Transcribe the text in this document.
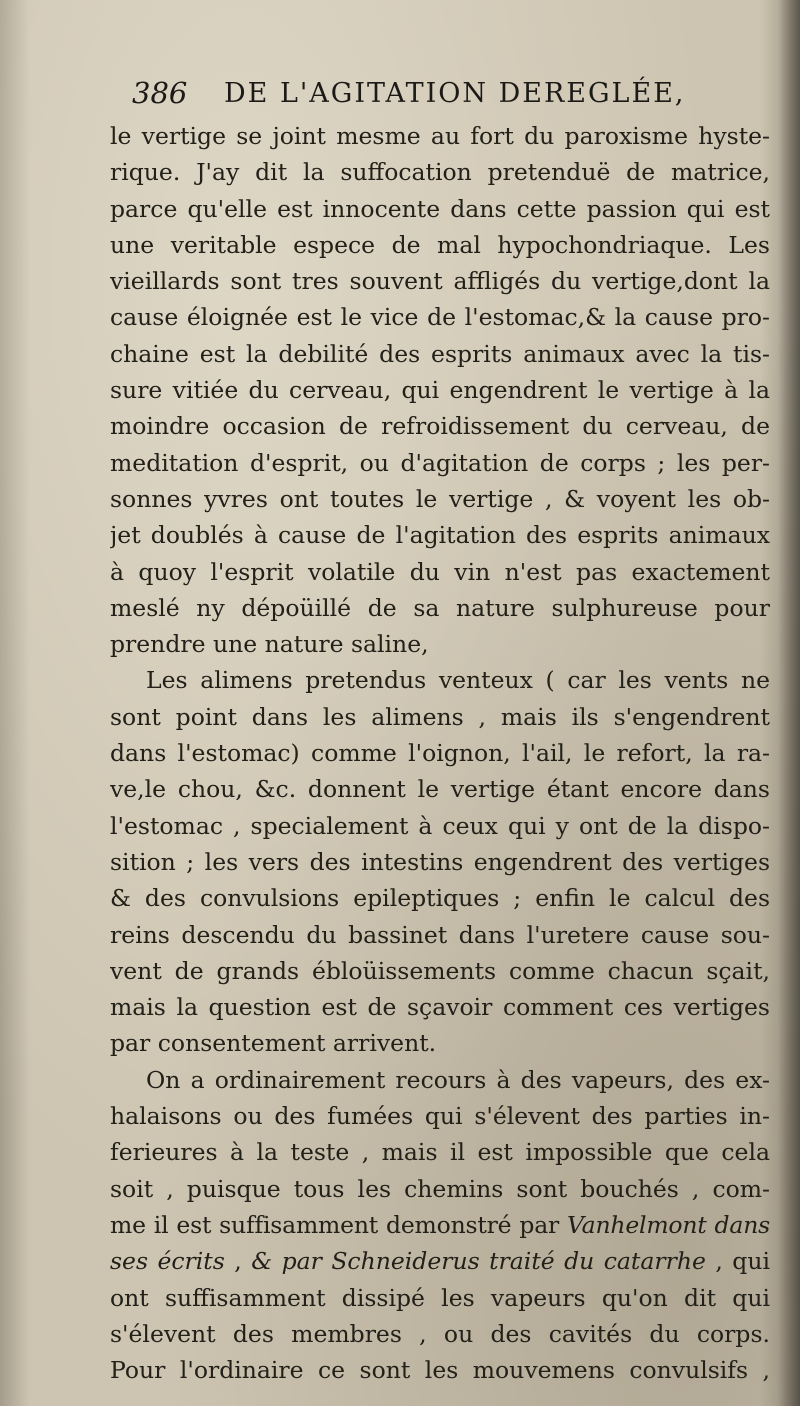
386 DE L'AGITATION DEREGLÉE,
le vertige se joint mesme au fort du paroxisme hyste-
rique. J'ay dit la suffocation pretenduë de matrice,
parce qu'elle est innocente dans cette passion qui est
une veritable espece de mal hypochondriaque. Les
vieillards sont tres souvent affligés du vertige,dont la
cause éloignée est le vice de l'estomac,& la cause pro-
chaine est la debilité des esprits animaux avec la tis-
sure vitiée du cerveau, qui engendrent le vertige à la
moindre occasion de refroidissement du cerveau, de
meditation d'esprit, ou d'agitation de corps ; les per-
sonnes yvres ont toutes le vertige , & voyent les ob-
jet doublés à cause de l'agitation des esprits animaux
à quoy l'esprit volatile du vin n'est pas exactement
meslé ny dépoüillé de sa nature sulphureuse pour
prendre une nature saline,
Les alimens pretendus venteux ( car les vents ne
sont point dans les alimens , mais ils s'engendrent
dans l'estomac) comme l'oignon, l'ail, le refort, la ra-
ve,le chou, &c. donnent le vertige étant encore dans
l'estomac , specialement à ceux qui y ont de la dispo-
sition ; les vers des intestins engendrent des vertiges
& des convulsions epileptiques ; enfin le calcul des
reins descendu du bassinet dans l'uretere cause sou-
vent de grands ébloüissements comme chacun sçait,
mais la question est de sçavoir comment ces vertiges
par consentement arrivent.
On a ordinairement recours à des vapeurs, des ex-
halaisons ou des fumées qui s'élevent des parties in-
ferieures à la teste , mais il est impossible que cela
soit , puisque tous les chemins sont bouchés , com-
me il est suffisamment demonstré par Vanhelmont dans
ses écrits , & par Schneiderus traité du catarrhe , qui
ont suffisamment dissipé les vapeurs qu'on dit qui
s'élevent des membres , ou des cavités du corps.
Pour l'ordinaire ce sont les mouvemens convulsifs ,
